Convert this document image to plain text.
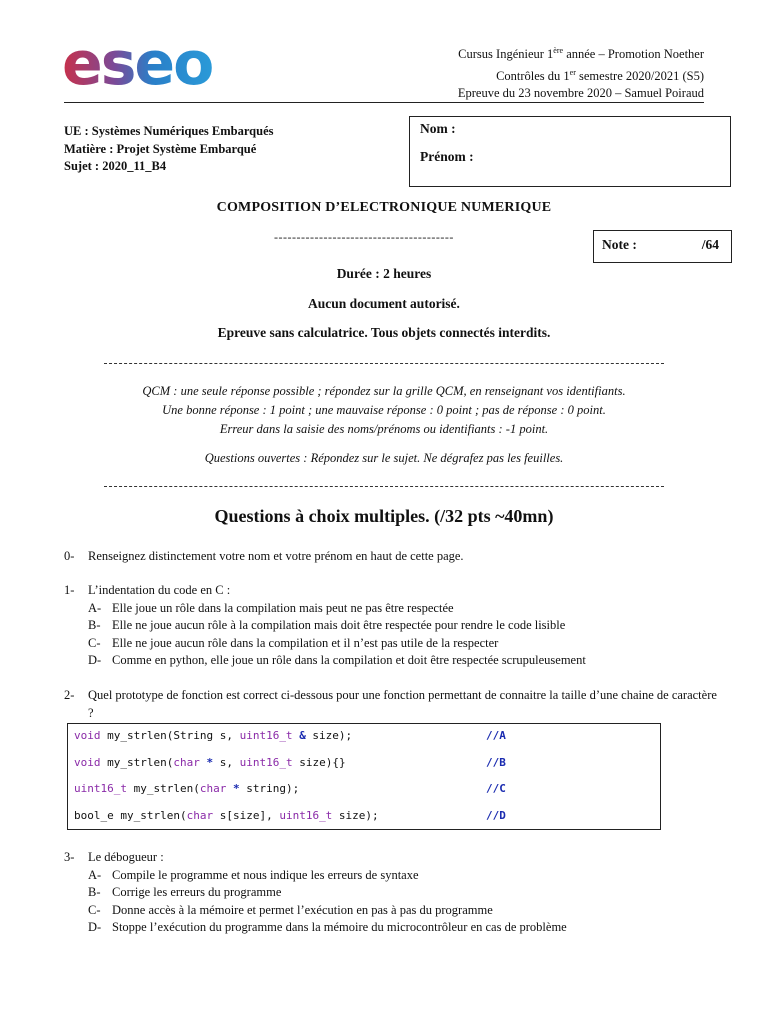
eseo	Cursus Ingénieur 1ère année – Promotion Noether
Contrôles du 1er semestre 2020/2021 (S5)
Epreuve du 23 novembre 2020 – Samuel Poiraud
UE : Systèmes Numériques Embarqués
Matière : Projet Système Embarqué
Sujet : 2020_11_B4
Nom :
Prénom :
COMPOSITION D’ELECTRONIQUE NUMERIQUE
----------------------------------------	Note :	/64
Durée : 2 heures
Aucun document autorisé.
Epreuve sans calculatrice. Tous objets connectés interdits.
QCM : une seule réponse possible ; répondez sur la grille QCM, en renseignant vos identifiants.
Une bonne réponse : 1 point ; une mauvaise réponse : 0 point ; pas de réponse : 0 point.
Erreur dans la saisie des noms/prénoms ou identifiants : -1 point.
Questions ouvertes : Répondez sur le sujet. Ne dégrafez pas les feuilles.
Questions à choix multiples. (/32 pts ~40mn)
0- Renseignez distinctement votre nom et votre prénom en haut de cette page.
1- L’indentation du code en C :
A- Elle joue un rôle dans la compilation mais peut ne pas être respectée
B- Elle ne joue aucun rôle à la compilation mais doit être respectée pour rendre le code lisible
C- Elle ne joue aucun rôle dans la compilation et il n’est pas utile de la respecter
D- Comme en python, elle joue un rôle dans la compilation et doit être respectée scrupuleusement
2- Quel prototype de fonction est correct ci-dessous pour une fonction permettant de connaitre la taille d’une chaine de caractère ?
void my_strlen(String s, uint16_t & size);	//A
void my_strlen(char * s, uint16_t size){}	//B
uint16_t my_strlen(char * string);	//C
bool_e my_strlen(char s[size], uint16_t size);	//D
3- Le débogueur :
A- Compile le programme et nous indique les erreurs de syntaxe
B- Corrige les erreurs du programme
C- Donne accès à la mémoire et permet l’exécution en pas à pas du programme
D- Stoppe l’exécution du programme dans la mémoire du microcontrôleur en cas de problème
